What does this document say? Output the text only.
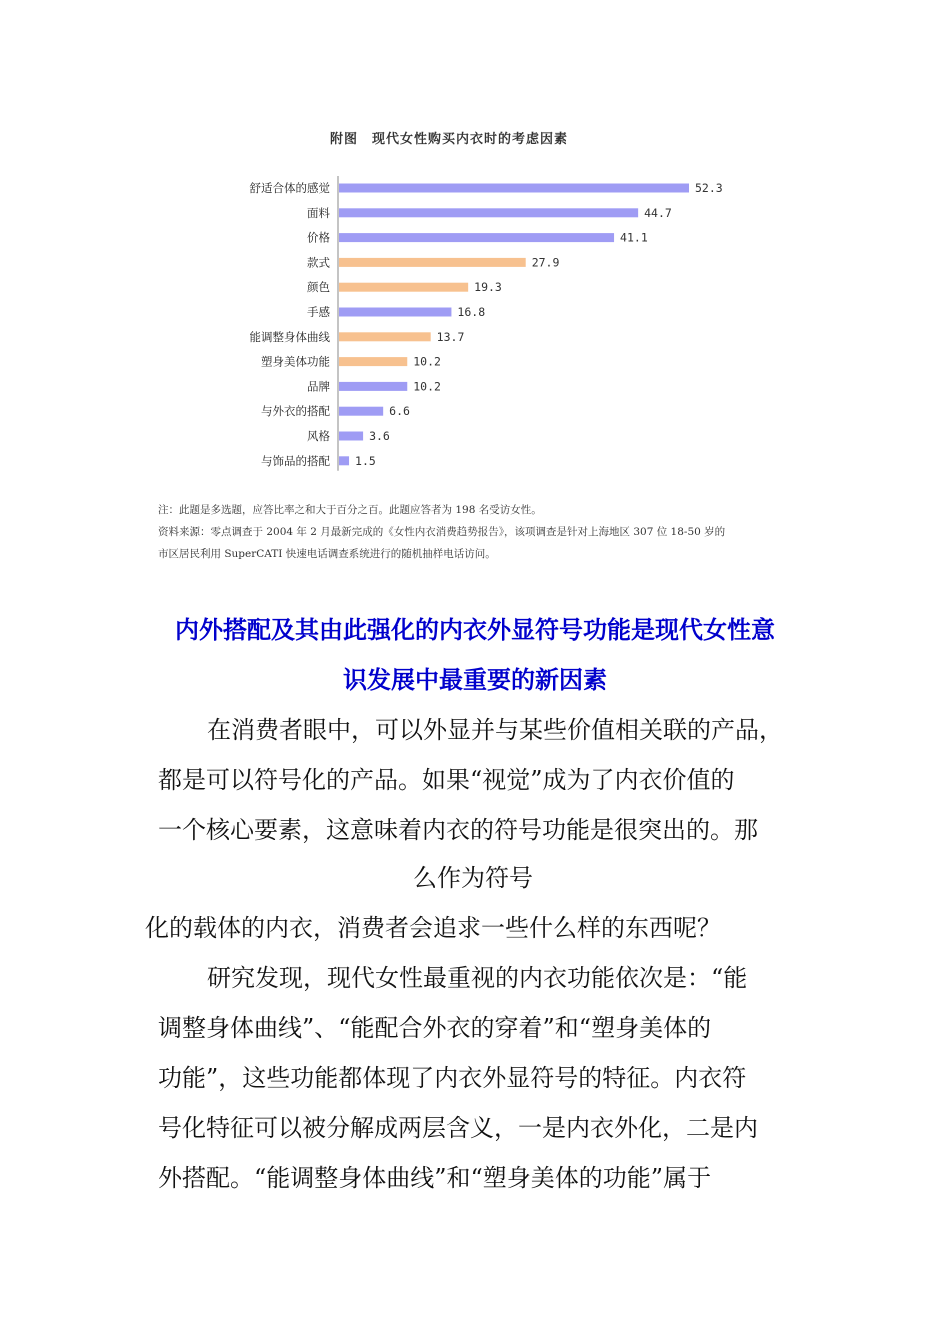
附图　现代女性购买内衣时的考虑因素
舒适合体的感觉	52.3
面料	44.7
价格	41.1
款式	27.9
颜色	19.3
手感	16.8
能调整身体曲线	13.7
塑身美体功能	10.2
品牌	10.2
与外衣的搭配	6.6
风格	3.6
与饰品的搭配 1.5
注：此题是多选题，应答比率之和大于百分之百。此题应答者为 198 名受访女性。
资料来源：零点调查于 2004 年 2 月最新完成的《女性内衣消费趋势报告》，该项调查是针对上海地区 307 位 18-50 岁的
市区居民利用 SuperCATI 快速电话调查系统进行的随机抽样电话访问。
内外搭配及其由此强化的内衣外显符号功能是现代女性意
识发展中最重要的新因素
在消费者眼中，可以外显并与某些价值相关联的产品，
都是可以符号化的产品。如果“视觉”成为了内衣价值的
一个核心要素，这意味着内衣的符号功能是很突出的。那
么作为符号
化的载体的内衣，消费者会追求一些什么样的东西呢？
研究发现，现代女性最重视的内衣功能依次是：“能
调整身体曲线”、“能配合外衣的穿着”和“塑身美体的
功能”，这些功能都体现了内衣外显符号的特征。内衣符
号化特征可以被分解成两层含义，一是内衣外化，二是内
外搭配。“能调整身体曲线”和“塑身美体的功能”属于
